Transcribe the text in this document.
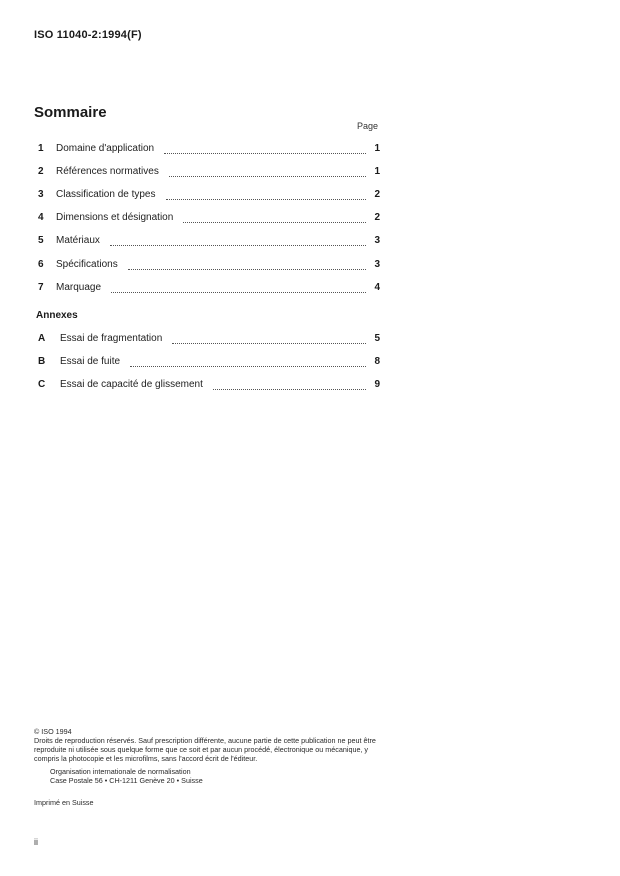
ISO 11040-2:1994(F)
Sommaire
Page
1	Domaine d'application	1
2	Références normatives	1
3	Classification de types	2
4	Dimensions et désignation	2
5	Matériaux	3
6	Spécifications	3
7	Marquage	4
Annexes
A	Essai de fragmentation	5
B	Essai de fuite	8
C	Essai de capacité de glissement	9

© ISO 1994

Droits de reproduction réservés. Sauf prescription différente, aucune partie de cette publication ne peut être reproduite ni utilisée sous quelque forme que ce soit et par aucun procédé, électronique ou mécanique, y compris la photocopie et les microfilms, sans l'accord écrit de l'éditeur.

Organisation internationale de normalisation

Case Postale 56 • CH-1211 Genève 20 • Suisse

Imprimé en Suisse
ii
